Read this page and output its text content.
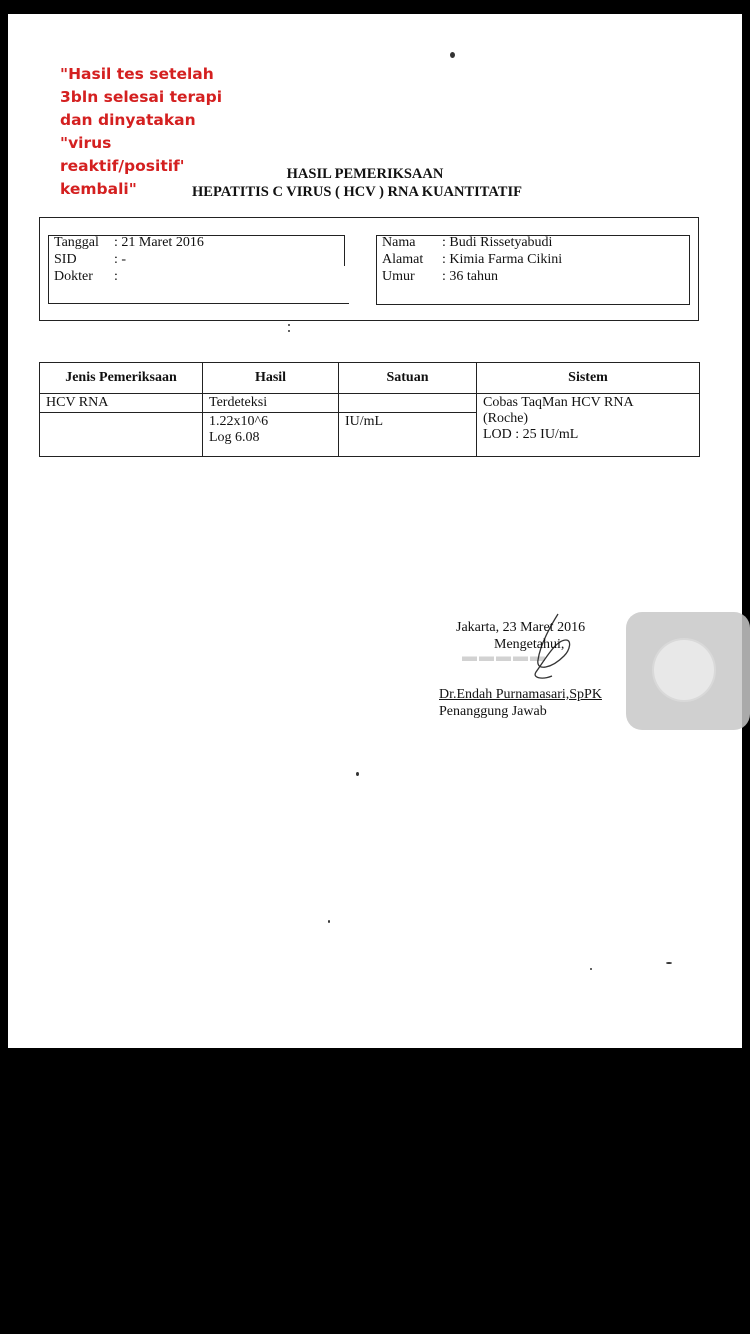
"Hasil tes setelah
3bln selesai terapi
dan dinyatakan
"virus
reaktif/positif'
kembali"
HASIL PEMERIKSAAN
HEPATITIS C VIRUS ( HCV ) RNA KUANTITATIF
Tanggal	: 21 Maret 2016
SID	: -
Dokter	:
Nama	: Budi Rissetyabudi
Alamat	: Kimia Farma Cikini
Umur	: 36 tahun
Jenis Pemeriksaan	Hasil	Satuan	Sistem
HCV RNA	Terdeteksi		Cobas TaqMan HCV RNA
(Roche)
LOD : 25 IU/mL

	1.22x10^6
Log 6.08	IU/mL	
▬▬▬▬▬
Jakarta, 23 Maret 2016
Mengetahui,
Dr.Endah Purnamasari,SpPK
Penanggung Jawab
